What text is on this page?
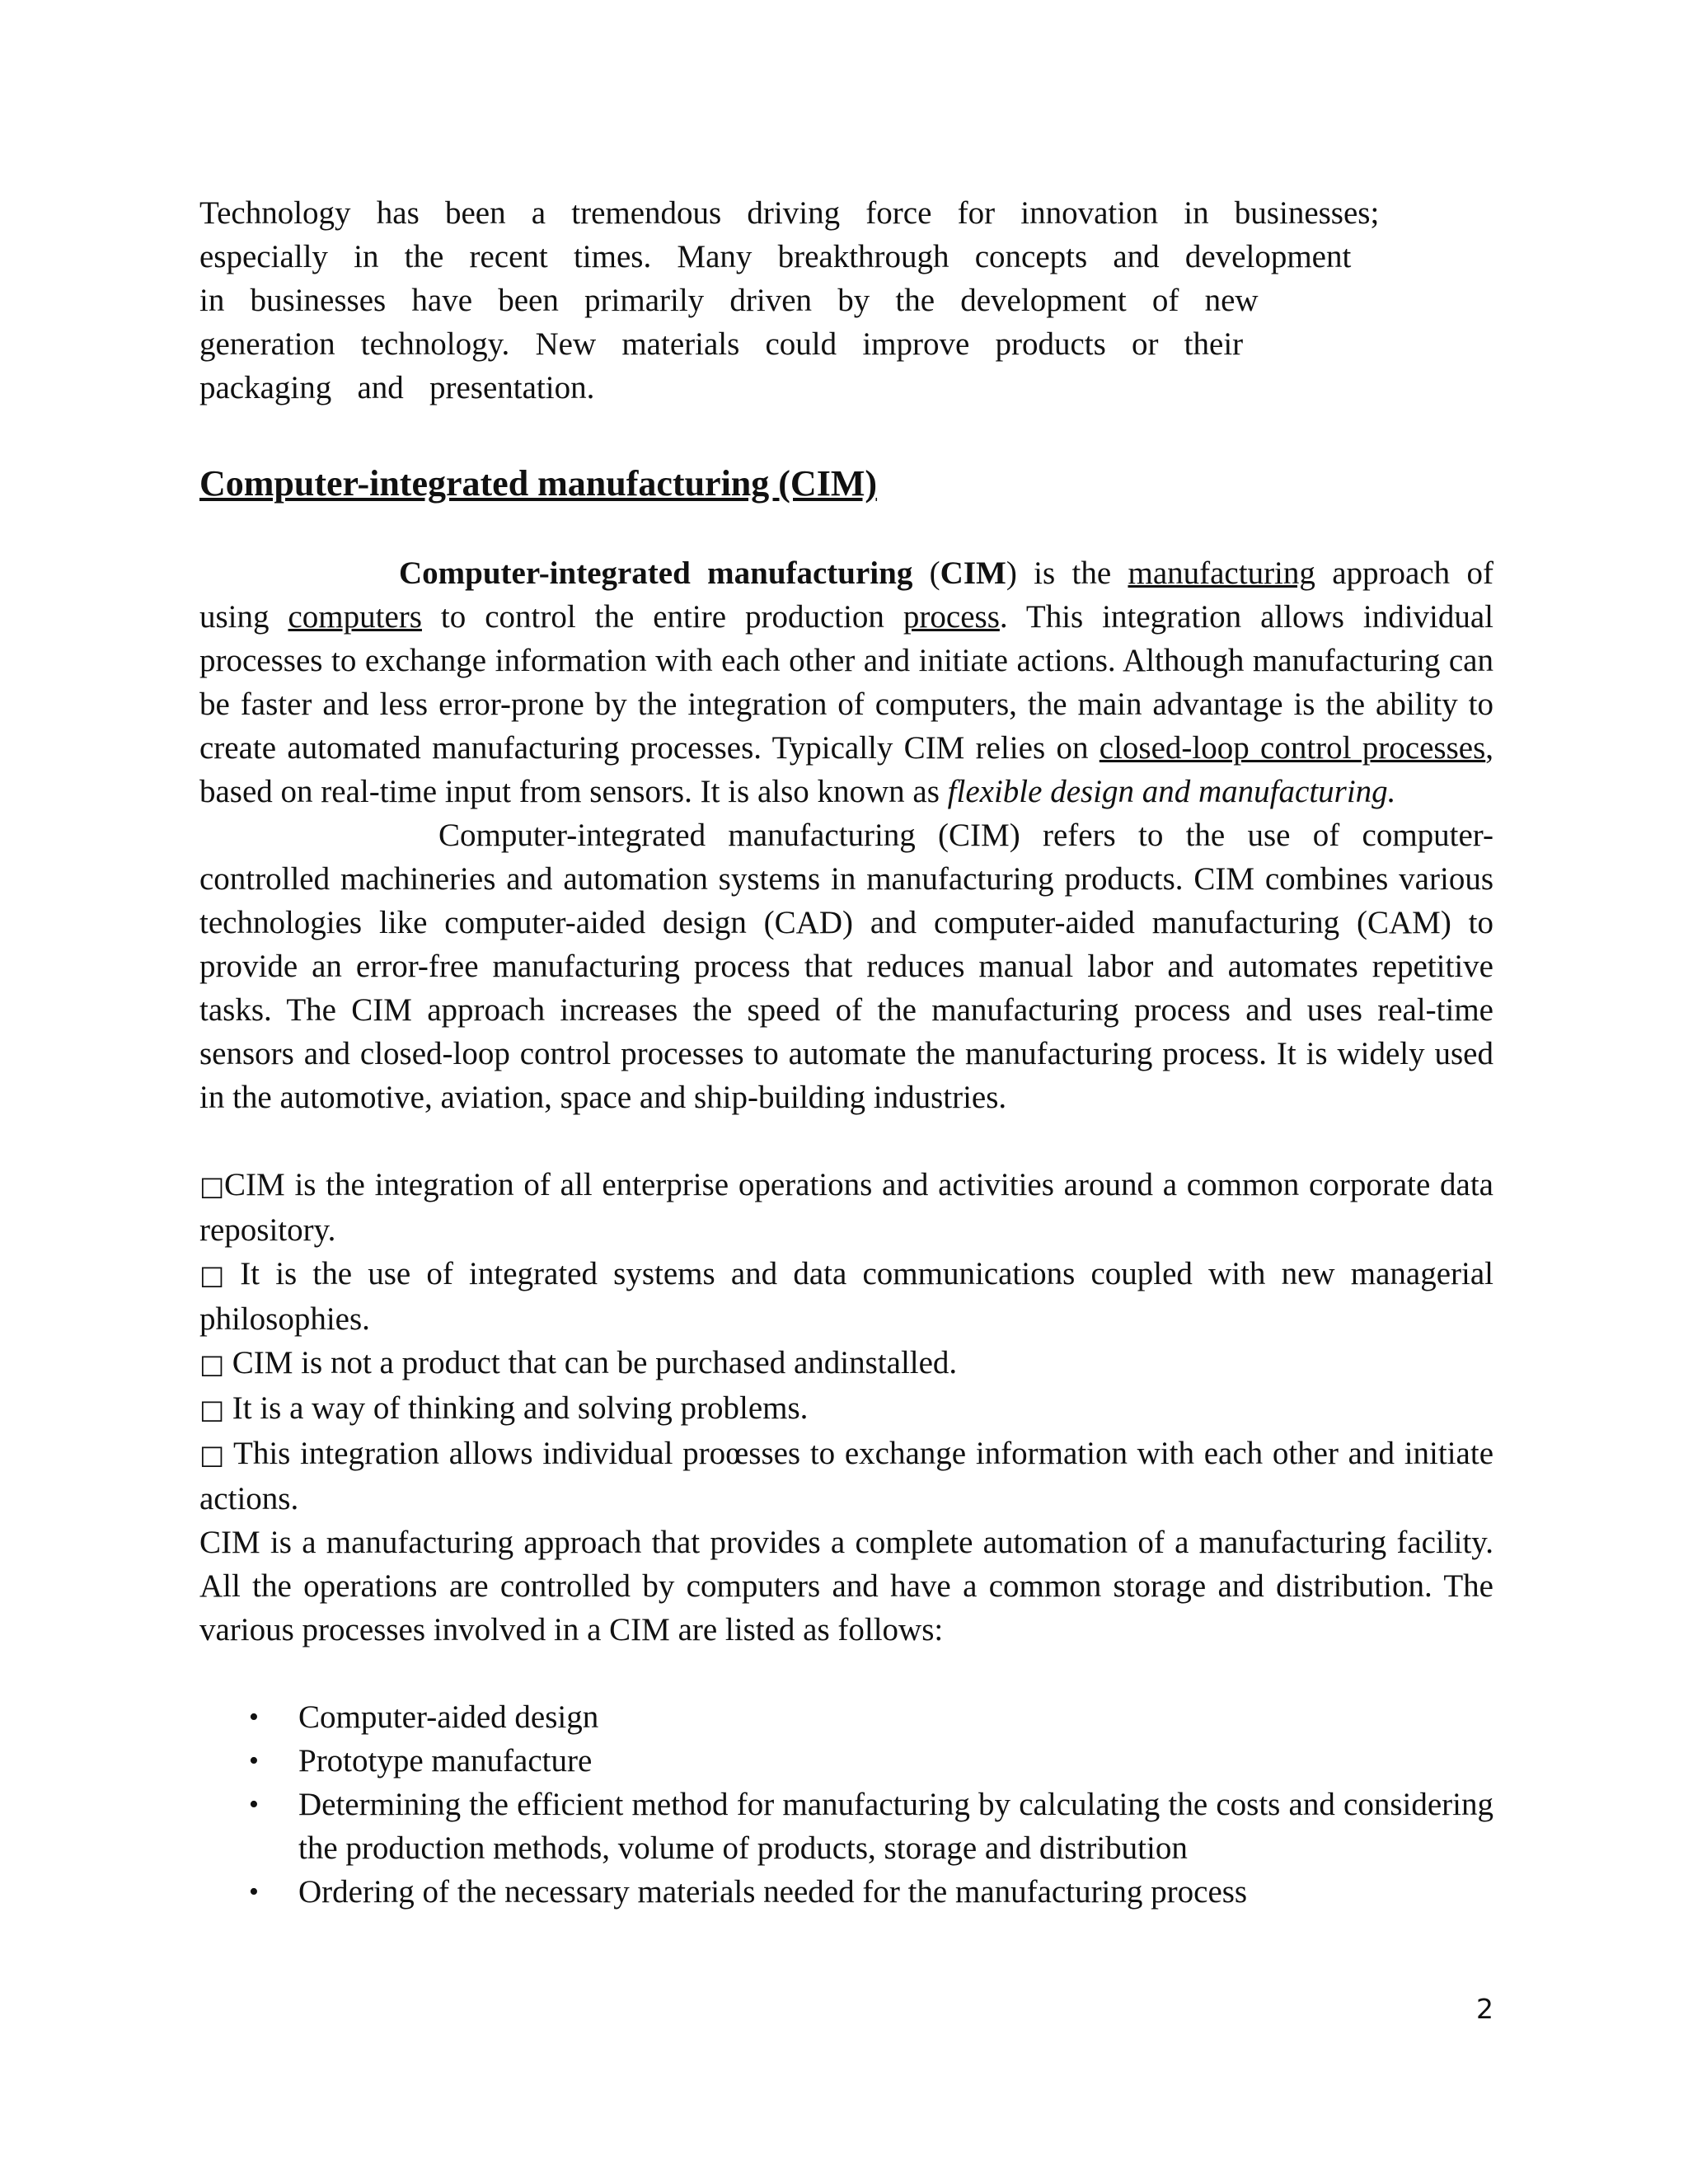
Technology has been a tremendous driving force for innovation in businesses;
especially in the recent times. Many breakthrough concepts and development
in businesses have been primarily driven by the development of new
generation technology. New materials could improve products or their
packaging and presentation.
Computer-integrated manufacturing (CIM)

Computer-integrated manufacturing (CIM) is the manufacturing approach of using computers to control the entire production process. This integration allows individual processes to exchange information with each other and initiate actions. Although manufacturing can be faster and less error-prone by the integration of computers, the main advantage is the ability to create automated manufacturing processes. Typically CIM relies on closed-loop control processes, based on real-time input from sensors. It is also known as flexible design and manufacturing.

Computer-integrated manufacturing (CIM) refers to the use of computer-controlled machineries and automation systems in manufacturing products. CIM combines various technologies like computer-aided design (CAD) and computer-aided manufacturing (CAM) to provide an error-free manufacturing process that reduces manual labor and automates repetitive tasks. The CIM approach increases the speed of the manufacturing process and uses real-time sensors and closed-loop control processes to automate the manufacturing process. It is widely used in the automotive, aviation, space and ship-building industries.

□CIM is the integration of all enterprise operations and activities around a common corporate data repository.
□ It is the use of integrated systems and data communications coupled with new managerial philosophies.
□ CIM is not a product that can be purchased andinstalled.
□ It is a way of thinking and solving problems.
□ This integration allows individual proœsses to exchange information with each other and initiate actions.

CIM is a manufacturing approach that provides a complete automation of a manufacturing facility. All the operations are controlled by computers and have a common storage and distribution. The various processes involved in a CIM are listed as follows:

• Computer-aided design
• Prototype manufacture
• Determining the efficient method for manufacturing by calculating the costs and considering the production methods, volume of products, storage and distribution
• Ordering of the necessary materials needed for the manufacturing process
2
